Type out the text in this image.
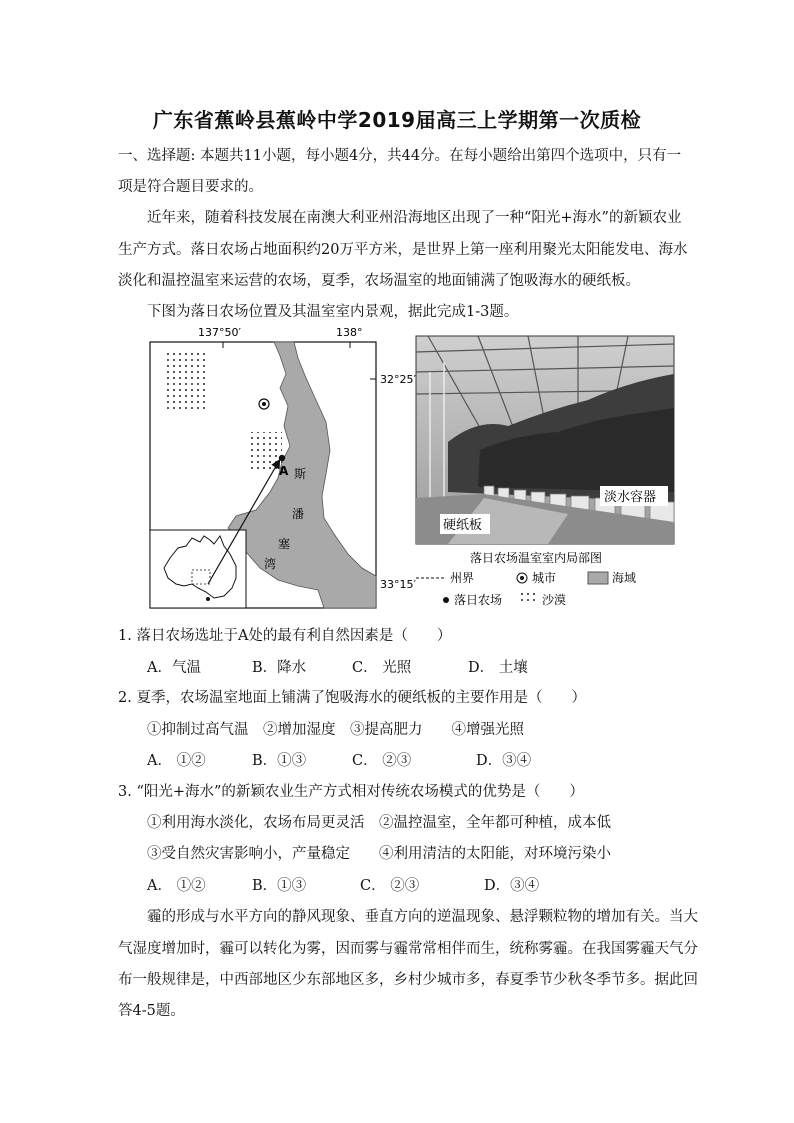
广东省蕉岭县蕉岭中学2019届高三上学期第一次质检
一、选择题: 本题共11小题，每小题4分，共44分。在每小题给出第四个选项中，只有一
项是符合题目要求的。
近年来，随着科技发展在南澳大利亚州沿海地区出现了一种“阳光+海水”的新颖农业
生产方式。落日农场占地面积约20万平方米，是世界上第一座利用聚光太阳能发电、海水
淡化和温控温室来运营的农场，夏季，农场温室的地面铺满了饱吸海水的硬纸板。
下图为落日农场位置及其温室室内景观，据此完成1-3题。
137°50′	138°
32°25′
33°15′
A 斯
潘
塞
湾
淡水容器
硬纸板
落日农场温室室内局部图
州界	城市	海域
落日农场	沙漠
1. 落日农场选址于A处的最有利自然因素是（　　）
A．气温	B．降水	C． 光照	D． 土壤
2. 夏季，农场温室地面上铺满了饱吸海水的硬纸板的主要作用是（　　）
①抑制过高气温　②增加湿度　③提高肥力　　④增强光照
A． ①②	B．①③	C． ②③	D．③④
3. “阳光+海水”的新颖农业生产方式相对传统农场模式的优势是（　　）
①利用海水淡化，农场布局更灵活　②温控温室，全年都可种植，成本低
③受自然灾害影响小，产量稳定　　④利用清洁的太阳能，对环境污染小
A． ①②	B．①③	C． ②③	D．③④
霾的形成与水平方向的静风现象、垂直方向的逆温现象、悬浮颗粒物的增加有关。当大
气湿度增加时，霾可以转化为雾，因而雾与霾常常相伴而生，统称雾霾。在我国雾霾天气分
布一般规律是，中西部地区少东部地区多，乡村少城市多，春夏季节少秋冬季节多。据此回
答4-5题。
